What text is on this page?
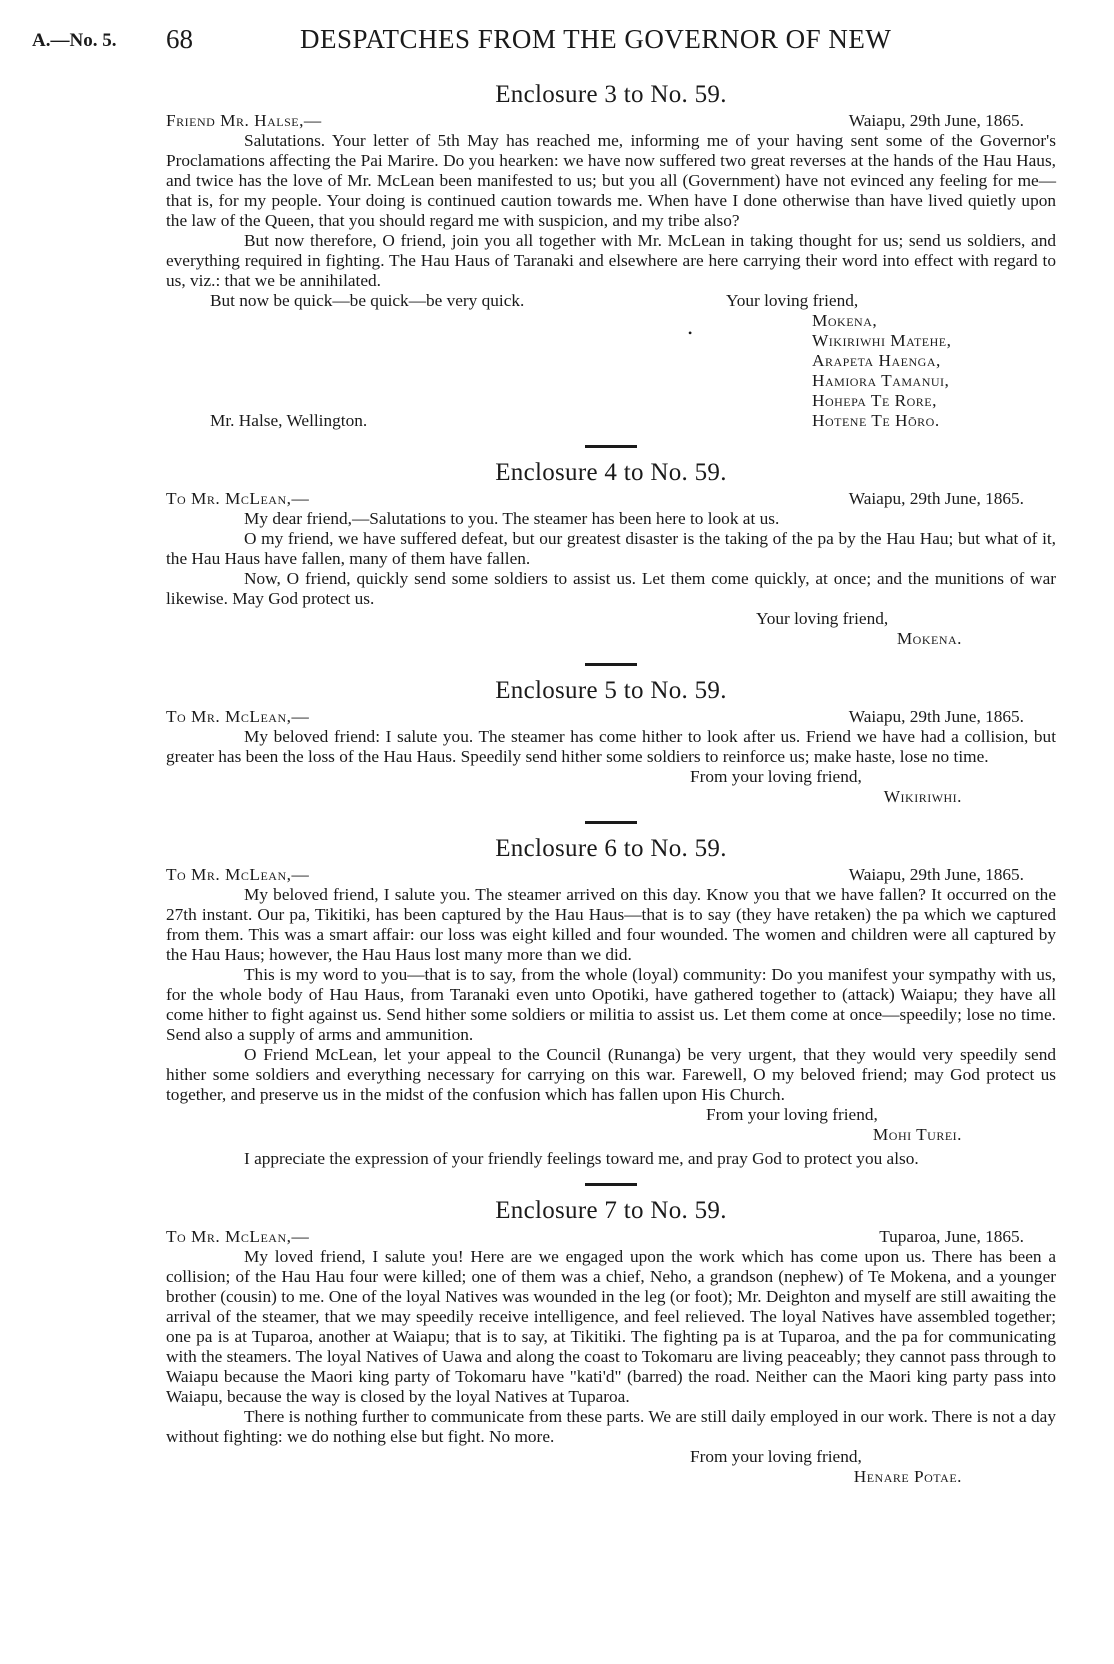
A.—No. 5. 68	DESPATCHES FROM THE GOVERNOR OF NEW
Enclosure 3 to No. 59.
Friend Mr. Halse,—	Waiapu, 29th June, 1865.

Salutations. Your letter of 5th May has reached me, informing me of your having sent some of the Governor's Proclamations affecting the Pai Marire. Do you hearken: we have now suffered two great reverses at the hands of the Hau Haus, and twice has the love of Mr. McLean been manifested to us; but you all (Government) have not evinced any feeling for me—that is, for my people. Your doing is continued caution towards me. When have I done otherwise than have lived quietly upon the law of the Queen, that you should regard me with suspicion, and my tribe also?

But now therefore, O friend, join you all together with Mr. McLean in taking thought for us; send us soldiers, and everything required in fighting. The Hau Haus of Taranaki and elsewhere are here carrying their word into effect with regard to us, viz.: that we be annihilated.

But now be quick—be quick—be very quick.	Your loving friend,
•
Mokena,
Wikiriwhi Matehe,
Arapeta Haenga,
Hamiora Tamanui,
Hohepa Te Rore,
Hotene Te Hōro.
Mr. Halse, Wellington.
Enclosure 4 to No. 59.
To Mr. McLean,—	Waiapu, 29th June, 1865.

My dear friend,—Salutations to you. The steamer has been here to look at us.

O my friend, we have suffered defeat, but our greatest disaster is the taking of the pa by the Hau Hau; but what of it, the Hau Haus have fallen, many of them have fallen.

Now, O friend, quickly send some soldiers to assist us. Let them come quickly, at once; and the munitions of war likewise. May God protect us.

Your loving friend,
Mokena.
Enclosure 5 to No. 59.
To Mr. McLean,—	Waiapu, 29th June, 1865.

My beloved friend: I salute you. The steamer has come hither to look after us. Friend we have had a collision, but greater has been the loss of the Hau Haus. Speedily send hither some soldiers to reinforce us; make haste, lose no time.

From your loving friend,
Wikiriwhi.
Enclosure 6 to No. 59.
To Mr. McLean,—	Waiapu, 29th June, 1865.

My beloved friend, I salute you. The steamer arrived on this day. Know you that we have fallen? It occurred on the 27th instant. Our pa, Tikitiki, has been captured by the Hau Haus—that is to say (they have retaken) the pa which we captured from them. This was a smart affair: our loss was eight killed and four wounded. The women and children were all captured by the Hau Haus; however, the Hau Haus lost many more than we did.

This is my word to you—that is to say, from the whole (loyal) community: Do you manifest your sympathy with us, for the whole body of Hau Haus, from Taranaki even unto Opotiki, have gathered together to (attack) Waiapu; they have all come hither to fight against us. Send hither some soldiers or militia to assist us. Let them come at once—speedily; lose no time. Send also a supply of arms and ammunition.

O Friend McLean, let your appeal to the Council (Runanga) be very urgent, that they would very speedily send hither some soldiers and everything necessary for carrying on this war. Farewell, O my beloved friend; may God protect us together, and preserve us in the midst of the confusion which has fallen upon His Church.

From your loving friend,
Mohi Turei.

I appreciate the expression of your friendly feelings toward me, and pray God to protect you also.

Enclosure 7 to No. 59.
To Mr. McLean,—	Tuparoa, June, 1865.

My loved friend, I salute you! Here are we engaged upon the work which has come upon us. There has been a collision; of the Hau Hau four were killed; one of them was a chief, Neho, a grandson (nephew) of Te Mokena, and a younger brother (cousin) to me. One of the loyal Natives was wounded in the leg (or foot); Mr. Deighton and myself are still awaiting the arrival of the steamer, that we may speedily receive intelligence, and feel relieved. The loyal Natives have assembled together; one pa is at Tuparoa, another at Waiapu; that is to say, at Tikitiki. The fighting pa is at Tuparoa, and the pa for communicating with the steamers. The loyal Natives of Uawa and along the coast to Tokomaru are living peaceably; they cannot pass through to Waiapu because the Maori king party of Tokomaru have "kati'd" (barred) the road. Neither can the Maori king party pass into Waiapu, because the way is closed by the loyal Natives at Tuparoa.

There is nothing further to communicate from these parts. We are still daily employed in our work. There is not a day without fighting: we do nothing else but fight. No more.

From your loving friend,
Henare Potae.
